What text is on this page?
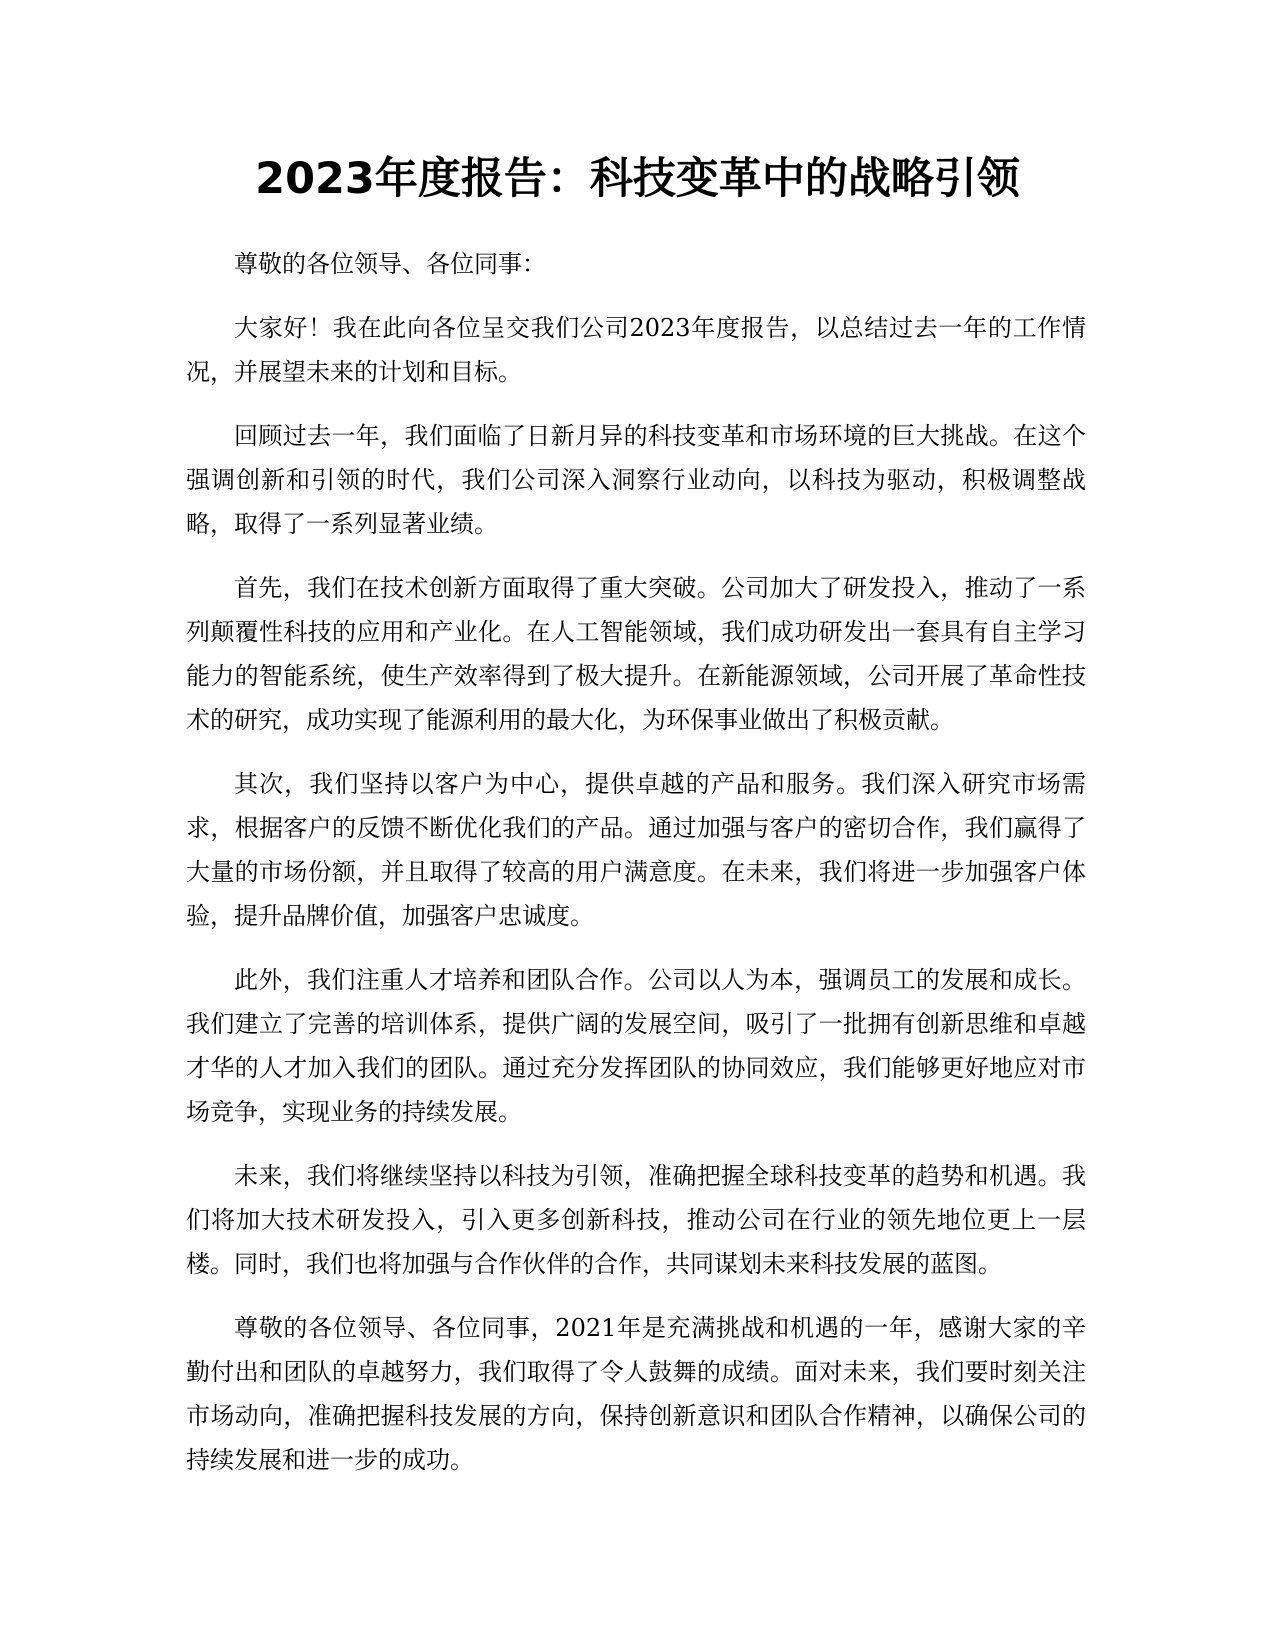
2023年度报告：科技变革中的战略引领

尊敬的各位领导、各位同事：

大家好！我在此向各位呈交我们公司2023年度报告，以总结过去一年的工作情况，并展望未来的计划和目标。

回顾过去一年，我们面临了日新月异的科技变革和市场环境的巨大挑战。在这个强调创新和引领的时代，我们公司深入洞察行业动向，以科技为驱动，积极调整战略，取得了一系列显著业绩。

首先，我们在技术创新方面取得了重大突破。公司加大了研发投入，推动了一系列颠覆性科技的应用和产业化。在人工智能领域，我们成功研发出一套具有自主学习能力的智能系统，使生产效率得到了极大提升。在新能源领域，公司开展了革命性技术的研究，成功实现了能源利用的最大化，为环保事业做出了积极贡献。

其次，我们坚持以客户为中心，提供卓越的产品和服务。我们深入研究市场需求，根据客户的反馈不断优化我们的产品。通过加强与客户的密切合作，我们赢得了大量的市场份额，并且取得了较高的用户满意度。在未来，我们将进一步加强客户体验，提升品牌价值，加强客户忠诚度。

此外，我们注重人才培养和团队合作。公司以人为本，强调员工的发展和成长。我们建立了完善的培训体系，提供广阔的发展空间，吸引了一批拥有创新思维和卓越才华的人才加入我们的团队。通过充分发挥团队的协同效应，我们能够更好地应对市场竞争，实现业务的持续发展。

未来，我们将继续坚持以科技为引领，准确把握全球科技变革的趋势和机遇。我们将加大技术研发投入，引入更多创新科技，推动公司在行业的领先地位更上一层楼。同时，我们也将加强与合作伙伴的合作，共同谋划未来科技发展的蓝图。

尊敬的各位领导、各位同事，2021年是充满挑战和机遇的一年，感谢大家的辛勤付出和团队的卓越努力，我们取得了令人鼓舞的成绩。面对未来，我们要时刻关注市场动向，准确把握科技发展的方向，保持创新意识和团队合作精神，以确保公司的持续发展和进一步的成功。
